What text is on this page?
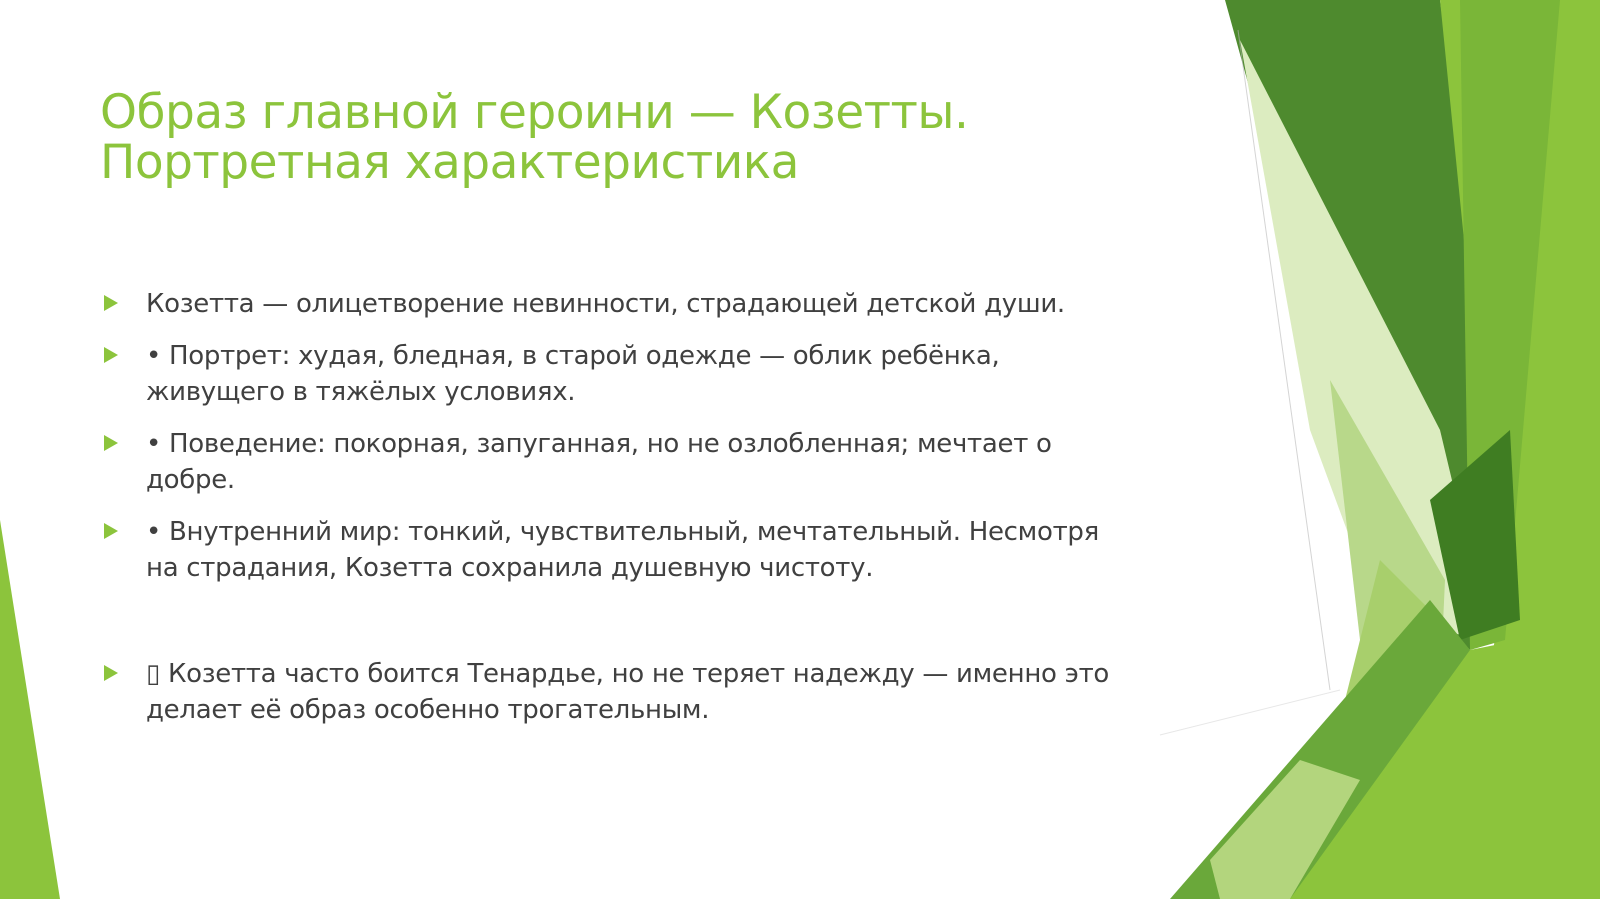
Образ главной героини — Козетты.
Портретная характеристика
Козетта — олицетворение невинности, страдающей детской души.
• Портрет: худая, бледная, в старой одежде — облик ребёнка,
живущего в тяжёлых условиях.
• Поведение: покорная, запуганная, но не озлобленная; мечтает о
добре.
• Внутренний мир: тонкий, чувствительный, мечтательный. Несмотря
на страдания, Козетта сохранила душевную чистоту.
▯ Козетта часто боится Тенардье, но не теряет надежду — именно это
делает её образ особенно трогательным.
